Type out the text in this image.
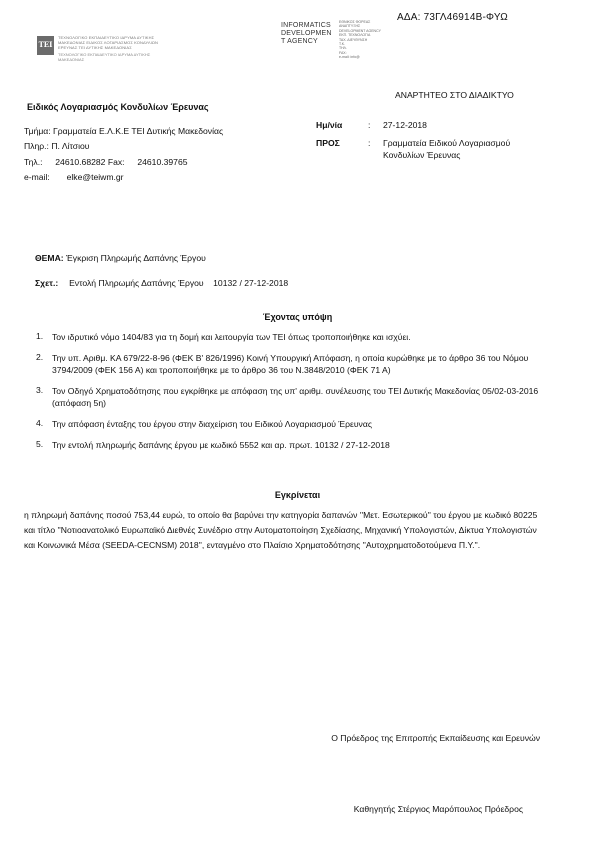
ΑΔΑ: 73ΓΛ46914Β-ΦΥΩ
ΤΕΙ
ΤΕΧΝΟΛΟΓΙΚΟ ΕΚΠΑΙΔΕΥΤΙΚΟ ΙΔΡΥΜΑ ΔΥΤΙΚΗΣ
ΜΑΚΕΔΟΝΙΑΣ ΕΙΔΙΚΟΣ ΛΟΓΑΡΙΑΣΜΟΣ ΚΟΝΔΥΛΙΩΝ
ΕΡΕΥΝΑΣ ΤΕΙ ΔΥΤΙΚΗΣ ΜΑΚΕΔΟΝΙΑΣ
ΤΕΧΝΟΛΟΓΙΚΟ ΕΚΠΑΙΔΕΥΤΙΚΟ ΙΔΡΥΜΑ ΔΥΤΙΚΗΣ
ΜΑΚΕΔΟΝΙΑΣ
INFORMATICS
DEVELOPMEN
T AGENCY
ΕΘΝΙΚΟΣ ΦΟΡΕΑΣ
ΑΝΑΠΤΥΞΗΣ
DEVELOPMENT AGENCY
ΕΚΠ. ΤΕΧΝΟΛΟΓΙΑ
ΤΑΧ. ΔΙΕΥΘΥΝΣΗ
Τ.Κ.
ΤΗΛ.
FAX:
e-mail: info@
ΑΝΑΡΤΗΤΕΟ ΣΤΟ ΔΙΑΔΙΚΤΥΟ
Ειδικός Λογαριασμός Κονδυλίων Έρευνας
Τμήμα: Γραμματεία Ε.Λ.Κ.Ε ΤΕΙ Δυτικής Μακεδονίας
Πληρ.: Π. Λίτσιου
Τηλ.: 24610.68282 Fax: 24610.39765
e-mail: elke@teiwm.gr
Ημ/νία	: 27-12-2018
ΠΡΟΣ	: Γραμματεία Ειδικού Λογαριασμού
Κονδυλίων Έρευνας
ΘΕΜΑ: Έγκριση Πληρωμής Δαπάνης Έργου
Σχετ.: Εντολή Πληρωμής Δαπάνης Έργου    10132 / 27-12-2018
Έχοντας υπόψη
1.	Τον ιδρυτικό νόμο 1404/83 για τη δομή και λειτουργία των ΤΕΙ όπως τροποποιήθηκε και ισχύει.
2.	Την υπ. Αριθμ. ΚΑ 679/22-8-96 (ΦΕΚ Β' 826/1996) Κοινή Υπουργική Απόφαση, η οποία κυρώθηκε με το άρθρο 36 του Νόμου 3794/2009 (ΦΕΚ 156 Α) και τροποποιήθηκε με το άρθρο 36 του Ν.3848/2010 (ΦΕΚ 71 Α)
3.	Τον Οδηγό Χρηματοδότησης που εγκρίθηκε με απόφαση της υπ' αριθμ. συνέλευσης του ΤΕΙ Δυτικής Μακεδονίας 05/02-03-2016 (απόφαση 5η)
4.	Την απόφαση ένταξης του έργου στην διαχείριση του Ειδικού Λογαριασμού Έρευνας
5.	Την εντολή πληρωμής δαπάνης έργου με κωδικό 5552 και αρ. πρωτ. 10132 / 27-12-2018
Εγκρίνεται
η πληρωμή δαπάνης ποσού 753,44 ευρώ, το οποίο θα βαρύνει την κατηγορία δαπανών ''Μετ. Εσωτερικού'' του έργου με κωδικό 80225 και τίτλο ''Νοτιοανατολικό Ευρωπαϊκό Διεθνές Συνέδριο στην Αυτοματοποίηση Σχεδίασης, Μηχανική Υπολογιστών, Δίκτυα Υπολογιστών και Κοινωνικά Μέσα (SEEDA-CECNSM) 2018'', ενταγμένο στο Πλαίσιο Χρηματοδότησης ''Αυτοχρηματοδοτούμενα Π.Υ.''.
Ο Πρόεδρος της Επιτροπής Εκπαίδευσης και Ερευνών
Καθηγητής Στέργιος Μαρόπουλος Πρόεδρος
